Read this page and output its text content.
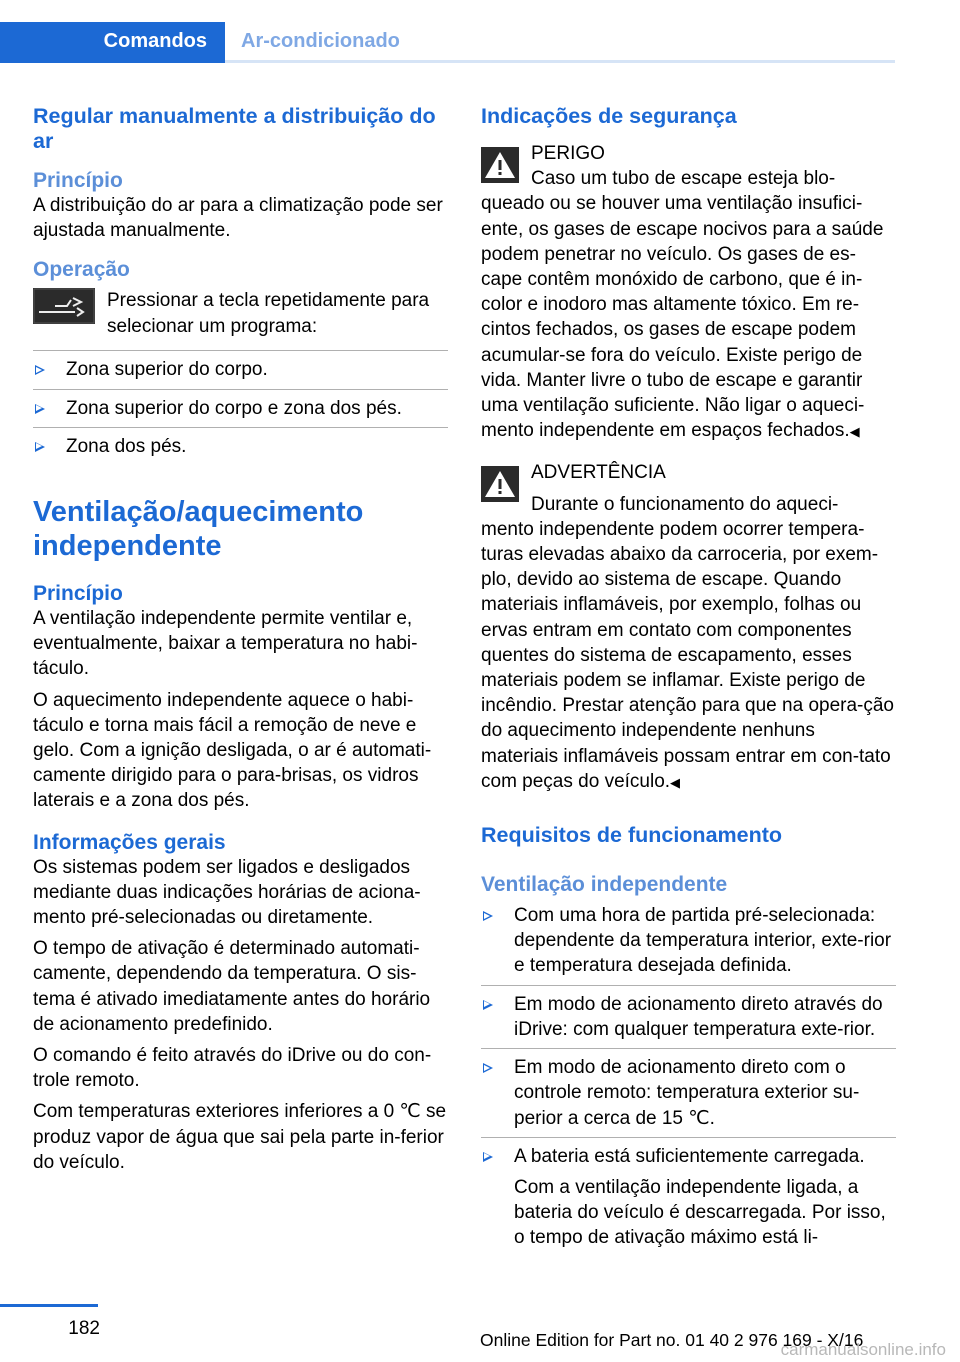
Comandos	Ar-condicionado
Regular manualmente a distribuição do ar
Princípio
A distribuição do ar para a climatização pode ser ajustada manualmente.
Operação
Pressionar a tecla repetidamente para selecionar um programa:
Zona superior do corpo.
Zona superior do corpo e zona dos pés.
Zona dos pés.
Ventilação/aquecimento independente
Princípio
A ventilação independente permite ventilar e, eventualmente, baixar a temperatura no habi‐táculo.
O aquecimento independente aquece o habi‐táculo e torna mais fácil a remoção de neve e gelo. Com a ignição desligada, o ar é automati‐camente dirigido para o para-brisas, os vidros laterais e a zona dos pés.
Informações gerais
Os sistemas podem ser ligados e desligados mediante duas indicações horárias de aciona‐mento pré-selecionadas ou diretamente.
O tempo de ativação é determinado automati‐camente, dependendo da temperatura. O sis‐tema é ativado imediatamente antes do horário de acionamento predefinido.
O comando é feito através do iDrive ou do con‐trole remoto.
Com temperaturas exteriores inferiores a 0 ℃ se produz vapor de água que sai pela parte in‐ferior do veículo.
Indicações de segurança
PERIGO
Caso um tubo de escape esteja blo‐
queado ou se houver uma ventilação insufici‐ente, os gases de escape nocivos para a saúde podem penetrar no veículo. Os gases de es‐cape contêm monóxido de carbono, que é in‐color e inodoro mas altamente tóxico. Em re‐cintos fechados, os gases de escape podem acumular-se fora do veículo. Existe perigo de vida. Manter livre o tubo de escape e garantir uma ventilação suficiente. Não ligar o aqueci‐mento independente em espaços fechados.◀
ADVERTÊNCIA
Durante o funcionamento do aqueci‐
mento independente podem ocorrer tempera‐turas elevadas abaixo da carroceria, por exem‐plo, devido ao sistema de escape. Quando materiais inflamáveis, por exemplo, folhas ou ervas entram em contato com componentes quentes do sistema de escapamento, esses materiais podem se inflamar. Existe perigo de incêndio. Prestar atenção para que na opera‐ção do aquecimento independente nenhuns materiais inflamáveis possam entrar em con‐tato com peças do veículo.◀
Requisitos de funcionamento
Ventilação independente
Com uma hora de partida pré-selecionada: dependente da temperatura interior, exte‐rior e temperatura desejada definida.
Em modo de acionamento direto através do iDrive: com qualquer temperatura exte‐rior.
Em modo de acionamento direto com o controle remoto: temperatura exterior su‐perior a cerca de 15 ℃.
A bateria está suficientemente carregada.
Com a ventilação independente ligada, a bateria do veículo é descarregada. Por isso, o tempo de ativação máximo está li‐
182
Online Edition for Part no. 01 40 2 976 169 - X/16
carmanualsonline.info
